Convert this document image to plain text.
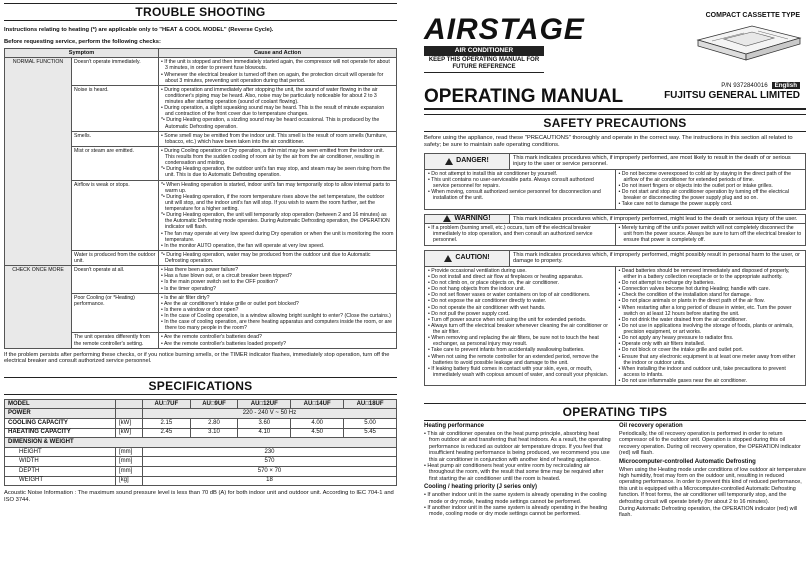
TROUBLE SHOOTING
Instructions relating to heating (*) are applicable only to "HEAT & COOL MODEL" (Reverse Cycle).
Before requesting service, perform the following checks:
Symptom		Cause and Action
NORMAL FUNCTION	Doesn't operate immediately.	• If the unit is stopped and then immediately started again, the compressor will not operate for about 3 minutes, in order to prevent fuse blowouts.
• Whenever the electrical breaker is turned off then on again, the protection circuit will operate for about 3 minutes, preventing unit operation during that period.

	Noise is heard.	• During operation and immediately after stopping the unit, the sound of water flowing in the air conditioner's piping may be heard. Also, noise may be particularly noticeable for about 2 to 3 minutes after starting operation (sound of coolant flowing).
• During operation, a slight squeaking sound may be heard. This is the result of minute expansion and contraction of the front cover due to temperature changes.
*• During Heating operation, a sizzling sound may be heard occasional. This is produced by the Automatic Defrosting operation.

	Smells.	• Some smell may be emitted from the indoor unit. This smell is the result of room smells (furniture, tobacco, etc.) which have been taken into the air conditioner.

	Mist or steam are emitted.	• During Cooling operation or Dry operation, a thin mist may be seen emitted from the indoor unit. This results from the sudden cooling of room air by the air from the air conditioner, resulting in condensation and misting.
*• During Heating operation, the outdoor unit's fan may stop, and steam may be seen rising from the unit. This is due to Automatic Defrosting operation.

	Airflow is weak or stops.	*• When Heating operation is started, indoor unit's fan may temporarily stop to allow internal parts to warm up.
*• During Heating operation, if the room temperature rises above the set temperature, the outdoor unit will stop, and the indoor unit's fan will stop. If you wish to warm the room further, set the temperature for a higher setting.
*• During Heating operation, the unit will temporarily stop operation (between 2 and 16 minutes) as the Automatic Defrosting mode operates. During Automatic Defrosting operation, the OPERATION indicator will flash.
• The fan may operate at very low speed during Dry operation or when the unit is monitoring the room temperature.
• In the monitor AUTO operation, the fan will operate at very low speed.

	Water is produced from the outdoor unit.	*• During Heating operation, water may be produced from the outdoor unit due to Automatic Defrosting operation.

CHECK ONCE MORE	Doesn't operate at all.	• Has there been a power failure?
• Has a fuse blown out, or a circuit breaker been tripped?
• Is the main power switch set to the OFF position?
• Is the timer operating?

	Poor Cooling (or *Heating) performance.	• Is the air filter dirty?
• Are the air conditioner's intake grille or outlet port blocked?
• Is there a window or door open?
• In the case of Cooling operation, is a window allowing bright sunlight to enter? (Close the curtains.)
• In the case of cooling operation, are there heating apparatus and computers inside the room, or are there too many people in the room?

	The unit operates differently from the remote controller's setting.	• Are the remote controller's batteries dead?
• Are the remote controller's batteries loaded properly?
If the problem persists after performing these checks, or if you notice burning smells, or the TIMER indicator flashes, immediately stop operation, turn off the electrical breaker and consult authorized service personnel.
SPECIFICATIONS
MODEL		AU□7UF	AU□9UF	AU□12UF	AU□14UF	AU□18UF
POWER		220 - 240 V ~ 50 Hz				
COOLING CAPACITY	[kW]	2.15	2.80	3.60	4.00	5.00
HAEATING CAPACITY	[kW]	2.45	3.10	4.10	4.50	5.45
DIMENSION & WEIGHT						
HEIGHT	[mm]	230				
WIDTH	[mm]	570				
DEPTH	[mm]	570 × 70				
WEIGHT	[kg]	18				
Acoustic Noise Information : The maximum sound pressure level is less than 70 dB (A) for both indoor unit and outdoor unit. According to IEC 704-1 and ISO 3744.
AIRSTAGE
AIR CONDITIONER
KEEP THIS OPERATING MANUAL FOR FUTURE REFERENCE
COMPACT CASSETTE TYPE
P/N 9372840016 English
FUJITSU GENERAL LIMITED
OPERATING MANUAL
SAFETY PRECAUTIONS
Before using the appliance, read these "PRECAUTIONS" thoroughly and operate in the correct way. The instructions in this section all related to safety; be sure to maintain safe operating conditions.
DANGER!	This mark indicates procedures which, if improperly performed, are most likely to result in the death of or serious injury to the user or service personnel.
• Do not attempt to install this air conditioner by yourself.
• This unit contains no user-serviceable parts. Always consult authorized service personnel for repairs.
• When moving, consult authorized service personnel for disconnection and installation of the unit.
• Do not become overexposed to cold air by staying in the direct path of the airflow of the air conditioner for extended periods of time.
• Do not insert fingers or objects into the outlet port or intake grilles.
• Do not start and stop air conditioner operation by turning off the electrical breaker or disconnecting the power supply plug and so on.
• Take care not to damage the power supply cord.
WARNING!	This mark indicates procedures which, if improperly performed, might lead to the death or serious injury of the user.
• If a problem (burning smell, etc.) occurs, turn off the electrical breaker immediately to stop operation, and then consult an authorized service personnel.
• Merely turning off the unit's power switch will not completely disconnect the unit from the power source. Always be sure to turn off the electrical breaker to ensure that power is completely off.
CAUTION!	This mark indicates procedures which, if improperly performed, might possibly result in personal harm to the user, or damage to property.
• Provide occasional ventilation during use.
• Do not install and direct air flow at fireplaces or heating apparatus.
• Do not climb on, or place objects on, the air conditioner.
• Do not hang objects from the indoor unit.
• Do not set flower vases or water containers on top of air conditioners.
• Do not expose the air conditioner directly to water.
• Do not operate the air conditioner with wet hands.
• Do not pull the power supply cord.
• Turn off power source when not using the unit for extended periods.
• Always turn off the electrical breaker whenever cleaning the air conditioner or the air filter.
• When removing and replacing the air filters, be sure not to touch the heat exchanger, as personal injury may result.
• Take care to prevent infants from accidentally swallowing batteries.
• When not using the remote controller for an extended period, remove the batteries to avoid possible leakage and damage to the unit.
• If leaking battery fluid comes in contact with your skin, eyes, or mouth, immediately wash with copious amount of water, and consult your physician.
• Dead batteries should be removed immediately and disposed of properly, either in a battery collection receptacle or to the appropriate authority.
• Do not attempt to recharge dry batteries.
• Connection valves become hot during Heating; handle with care.
• Check the condition of the installation stand for damage.
• Do not place animals or plants in the direct path of the air flow.
• When restarting after a long period of disuse in winter, etc. Turn the power switch on at least 12 hours before starting the unit.
• Do not drink the water drained from the air conditioner.
• Do not use in applications involving the storage of foods, plants or animals, precision equipment, or art works.
• Do not apply any heavy pressure to radiator fins.
• Operate only with air filters installed.
• Do not block or cover the intake grille and outlet port.
• Ensure that any electronic equipment is at least one meter away from either the indoor or outdoor units.
• When installing the indoor and outdoor unit, take precautions to prevent access to infants.
• Do not use inflammable gases near the air conditioner.
OPERATING TIPS
Heating performance
• This air conditioner operates on the heat pump principle, absorbing heat from outdoor air and transferring that heat indoors. As a result, the operating performance is reduced as outdoor air temperature drops. If you feel that insufficient heating performance is being produced, we recommend you use this air conditioner in conjunction with another kind of heating appliance.
• Heat pump air conditioners heat your entire room by recirculating air throughout the room, with the result that some time may be required after first starting the air conditioner until the room is heated.
Cooling / heating priority (J series only)
• If another indoor unit in the same system is already operating in the cooling mode or dry mode, heating mode settings cannot be performed.
• If another indoor unit in the same system is already operating in the heating mode, cooling mode or dry mode settings cannot be performed.
Oil recovery operation

Periodically, the oil recovery operation is performed in order to return compressor oil to the outdoor unit. Operation is stopped during this oil recovery operation. During oil recovery operation, the OPERATION indicator (red) will flash.

Microcomputer-controlled Automatic Defrosting

When using the Heating mode under conditions of low outdoor air temperature high humidity, frost may form on the outdoor unit, resulting in reduced operating performance. In order to prevent this kind of reduced performance, this unit is equipped with a Microcomputer-controlled Automatic Defrosting function. If frost forms, the air conditioner will temporarily stop, and the defrosting circuit will operate briefly (for about 2 to 16 minutes).

During Automatic Defrosting operation, the OPERATION indicator (red) will flash.
